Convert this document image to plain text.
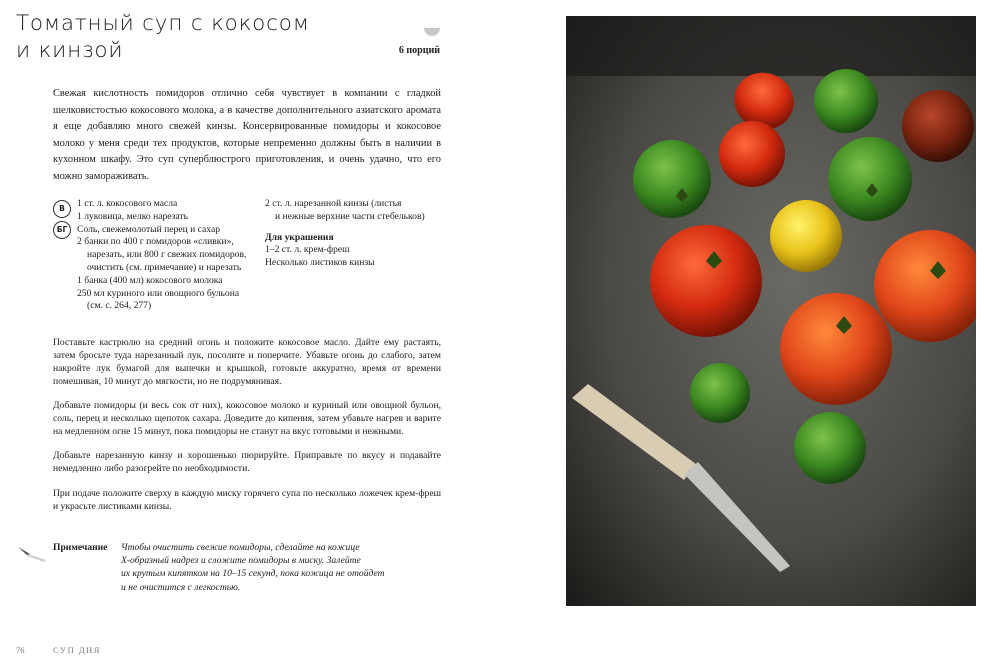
Томатный суп с кокосом
и кинзой	6 порций
Свежая кислотность помидоров отлично себя чувствует в компании с гладкой шелковистостью кокосового молока, а в качестве дополнительного азиатского аромата я еще добавляю много свежей кинзы. Консервированные помидоры и кокосовое молоко у меня среди тех продуктов, которые непременно должны быть в наличии в кухонном шкафу. Это суп суперблюстрого приготовления, и очень удачно, что его можно замораживать.
В
БГ

1 ст. л. кокосового масла

1 луковица, мелко нарезать

Соль, свежемолотый перец и сахар

2 банки по 400 г помидоров «сливки»,

нарезать, или 800 г свежих помидоров,

очистить (см. примечание) и нарезать

1 банка (400 мл) кокосового молока

250 мл куриного или овощного бульона

(см. с. 264, 277)

2 ст. л. нарезанной кинзы (листья

и нежные верхние части стебельков)

Для украшения

1–2 ст. л. крем-фреш

Несколько листиков кинзы

Поставьте кастрюлю на средний огонь и положите кокосовое масло. Дайте ему растаять, затем бросьте туда нарезанный лук, посолите и поперчите. Убавьте огонь до слабого, затем накройте лук бумагой для выпечки и крышкой, готовьте аккуратно, время от времени помешивая, 10 минут до мягкости, но не подрумянивая.

Добавьте помидоры (и весь сок от них), кокосовое молоко и куриный или овощной бульон, соль, перец и несколько щепоток сахара. Доведите до кипения, затем убавьте нагрев и варите на медленном огне 15 минут, пока помидоры не станут на вкус готовыми и нежными.

Добавьте нарезанную кинзу и хорошенько пюрируйте. Приправьте по вкусу и подавайте немедленно либо разогрейте по необходимости.

При подаче положите сверху в каждую миску горячего супа по несколько ложечек крем-фреш и украсьте листиками кинзы.

Примечание Чтобы очистить свежие помидоры, сделайте на кожице
Х-образный надрез и сложите помидоры в миску. Залейте
их крутым кипятком на 10–15 секунд, пока кожица не отойдет
и не очистится с легкостью.
76	СУП ДНЯ
